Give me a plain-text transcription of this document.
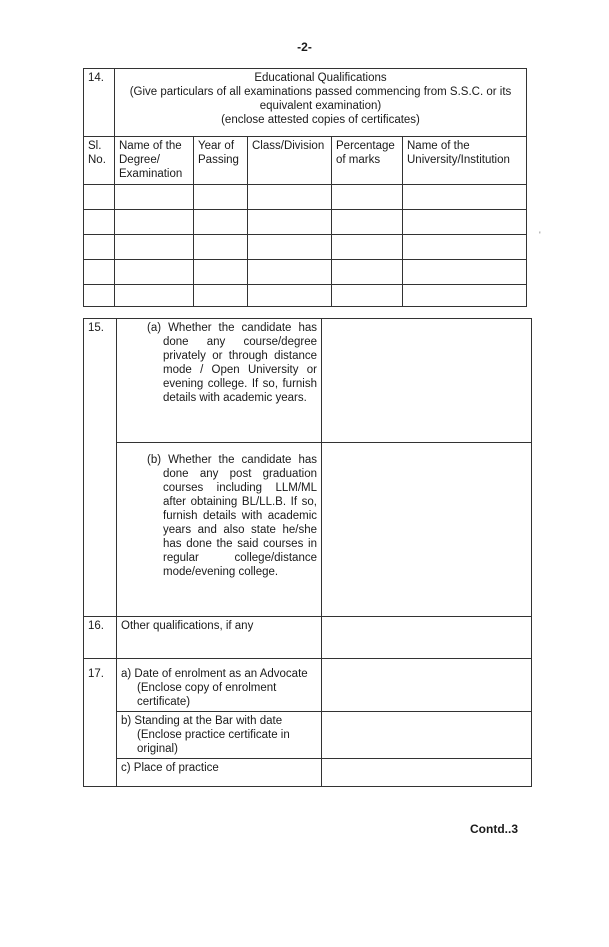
-2-
14.	Educational Qualifications
(Give particulars of all examinations passed commencing from S.S.C. or its
equivalent examination)
(enclose attested copies of certificates)				

Sl. No.	Name of the Degree/ Examination	Year of Passing	Class/Division	Percentage of marks	Name of the University/Institution

'
15.	(a) Whether the candidate has done any course/degree privately or through distance mode / Open University or evening college. If so, furnish details with academic years.	

	(b) Whether the candidate has done any post graduation courses including LLM/ML after obtaining BL/LL.B. If so, furnish details with academic years and also state he/she has done the said courses in regular college/distance mode/evening college.	

16.	Other qualifications, if any	
17.	a) Date of enrolment as an Advocate (Enclose copy of enrolment certificate)	

	b) Standing at the Bar with date (Enclose practice certificate in original)	

	c) Place of practice	
Contd..3
